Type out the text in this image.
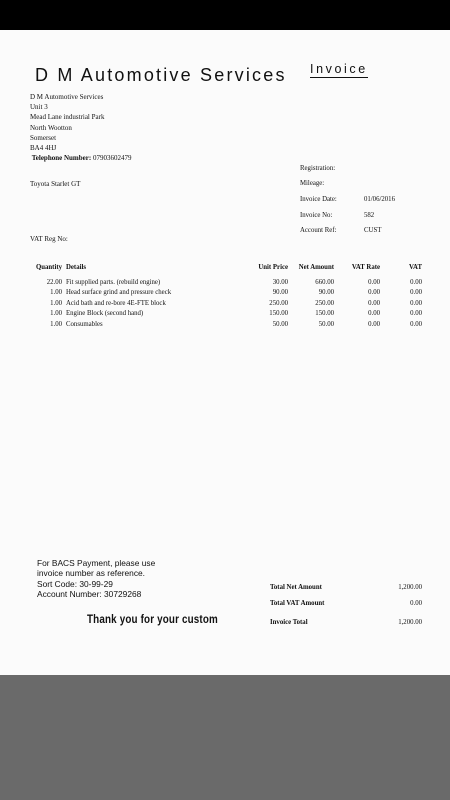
D M Automotive Services Invoice
D M Automotive Services
Unit 3
Mead Lane industrial Park
North Wootton
Somerset
BA4 4HJ
Telephone Number: 07903602479
Registration:
Mileage:
Invoice Date:	01/06/2016
Invoice No:	582
Account Ref:	CUST
Toyota Starlet GT
VAT Reg No:
Quantity	Details	Unit Price	Net Amount	VAT Rate	VAT
22.00	Fit supplied parts. (rebuild engine)	30.00	660.00	0.00	0.00
1.00	Head surface grind and pressure check	90.00	90.00	0.00	0.00
1.00	Acid bath and re-bore 4E-FTE block	250.00	250.00	0.00	0.00
1.00	Engine Block (second hand)	150.00	150.00	0.00	0.00
1.00	Consumables	50.00	50.00	0.00	0.00
For BACS Payment, please use
invoice number as reference.
Sort Code: 30-99-29
Account Number: 30729268
Thank you for your custom
Total Net Amount	1,200.00
Total VAT Amount	0.00
Invoice Total	1,200.00
